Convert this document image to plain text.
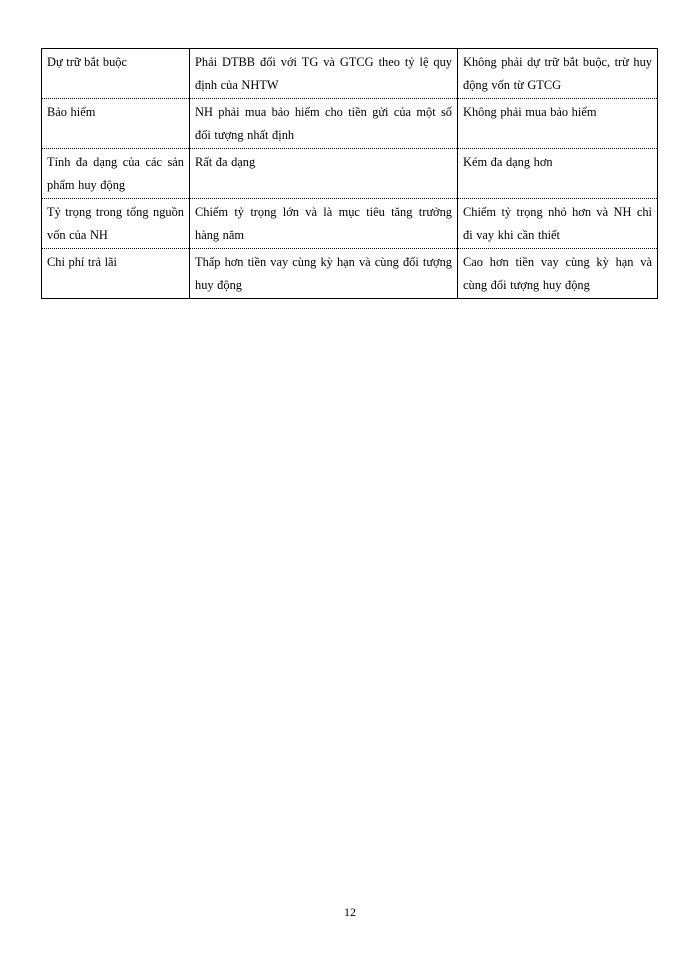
Dự trữ bắt buộc	Phải DTBB đối với TG và GTCG theo tỷ lệ quy định của NHTW	Không phải dự trữ bắt buộc, trừ huy động vốn từ GTCG
Bảo hiểm	NH phải mua bảo hiểm cho tiền gửi của một số đối tượng nhất định	Không phải mua bảo hiểm
Tính đa dạng của các sản phẩm huy động	Rất đa dạng	Kém đa dạng hơn
Tỷ trọng trong tổng nguồn vốn của NH	Chiếm tỷ trọng lớn và là mục tiêu tăng trưởng hàng năm	Chiếm tỷ trọng nhỏ hơn và NH chỉ đi vay khi cần thiết
Chi phí trả lãi	Thấp hơn tiền vay cùng kỳ hạn và cùng đối tượng huy động	Cao hơn tiền vay cùng kỳ hạn và cùng đối tượng huy động
12
